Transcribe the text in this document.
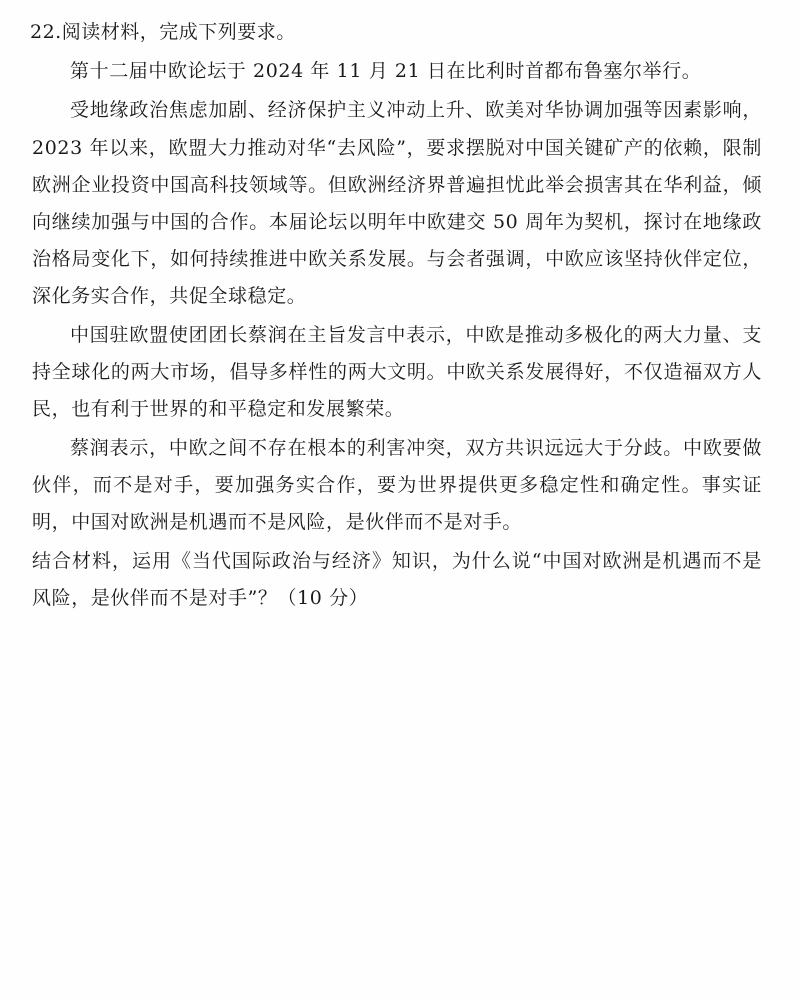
22.阅读材料，完成下列要求。

第十二届中欧论坛于 2024 年 11 月 21 日在比利时首都布鲁塞尔举行。

受地缘政治焦虑加剧、经济保护主义冲动上升、欧美对华协调加强等因素影响，2023 年以来，欧盟大力推动对华“去风险”，要求摆脱对中国关键矿产的依赖，限制欧洲企业投资中国高科技领域等。但欧洲经济界普遍担忧此举会损害其在华利益，倾向继续加强与中国的合作。本届论坛以明年中欧建交 50 周年为契机，探讨在地缘政治格局变化下，如何持续推进中欧关系发展。与会者强调，中欧应该坚持伙伴定位，深化务实合作，共促全球稳定。

中国驻欧盟使团团长蔡润在主旨发言中表示，中欧是推动多极化的两大力量、支持全球化的两大市场，倡导多样性的两大文明。中欧关系发展得好，不仅造福双方人民，也有利于世界的和平稳定和发展繁荣。

蔡润表示，中欧之间不存在根本的利害冲突，双方共识远远大于分歧。中欧要做伙伴，而不是对手，要加强务实合作，要为世界提供更多稳定性和确定性。事实证明，中国对欧洲是机遇而不是风险，是伙伴而不是对手。

结合材料，运用《当代国际政治与经济》知识，为什么说“中国对欧洲是机遇而不是风险，是伙伴而不是对手”？（10 分）
